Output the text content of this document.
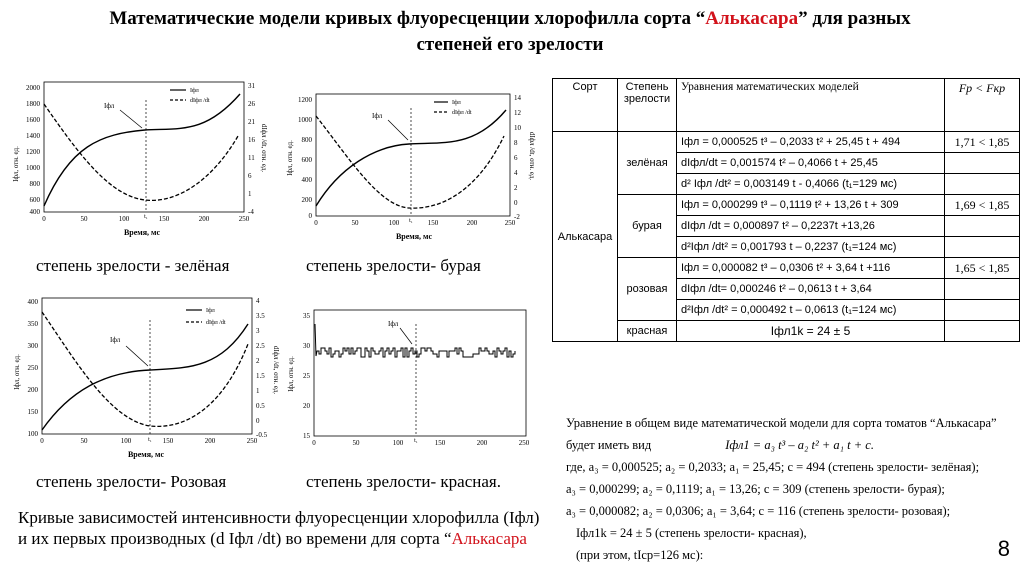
Математические модели кривых флуоресценции хлорофилла сорта “Алькасара” для разных
степеней его зрелости
2000
1800
1600
1400
1200
1000
800
600
400
31
26
21
16
11
6
1
-4
Iфл, отн. ед.	dIфл /dt, отн. ед.
0	50	100	150	200	250
Время, мс
t₁
Iфл
Iфл
dIфл /dt	1200
1000
800
600
400
200
0
14
12
10
8
6
4
2
0
-2
Iфл, отн. ед.	dIфл /dt, отн. ед.
0	50	100	150	200	250
Время, мс
t₁
Iфл
Iфл
dIфл /dt
степень зрелости - зелёная	степень зрелости- бурая
400
350
300
250
200
150
100
4
3.5
3
2.5
2
1.5
1
0.5
0
-0.5
Iфл, отн. ед.	dIфл /dt, отн. ед.
0	50	100	150	200	250
Время, мс
t₁
Iфл
Iфл
dIфл /dt
35
30
25
20
15
Iфл, отн. ед.
0	50	100	150	200	250
t₁
Iфл
степень зрелости- Розовая	степень зрелости- красная.
Кривые зависимостей интенсивности флуоресценции хлорофилла (Iфл)
и их первых производных (d Iфл /dt) во времени для сорта “Алькасара
Сорт	Степень зрелости	Уравнения математических моделей	Fр < Fкр
Алькасара	зелёная	Iфл = 0,000525 t³ – 0,2033 t² + 25,45 t + 494	1,71 < 1,85
		dIфл/dt = 0,001574 t² – 0,4066 t + 25,45	
		d² Iфл /dt² = 0,003149 t - 0,4066 (t₁=129 мс)	
	бурая	Iфл = 0,000299 t³ – 0,1119 t² + 13,26 t + 309	1,69 < 1,85
		dIфл /dt = 0,000897 t² – 0,2237t +13,26	
		d²Iфл /dt² = 0,001793 t – 0,2237 (t₁=124 мс)	
	розовая	Iфл = 0,000082 t³ – 0,0306 t² + 3,64 t +116	1,65 < 1,85
		dIфл /dt= 0,000246 t² – 0,0613 t + 3,64	
		d²Iфл /dt² = 0,000492 t – 0,0613 (t₁=124 мс)	
	красная	Iфл1k = 24 ± 5	

Уравнение в общем виде математической модели для сорта томатов “Алькасара”

будет иметь вид	Iфл1 = a₃ t³ – a₂ t² + a₁ t + c.

где, a₃ = 0,000525; a₂ = 0,2033; a₁ = 25,45; c = 494 (степень зрелости- зелёная);

a₃ = 0,000299; a₂ = 0,1119; a₁ = 13,26; c = 309 (степень зрелости- бурая);

a₃ = 0,000082; a₂ = 0,0306; a₁ = 3,64; c = 116 (степень зрелости- розовая);

Iфл1k = 24 ± 5 (степень зрелости- красная),

(при этом, tIср=126 мс):	8
